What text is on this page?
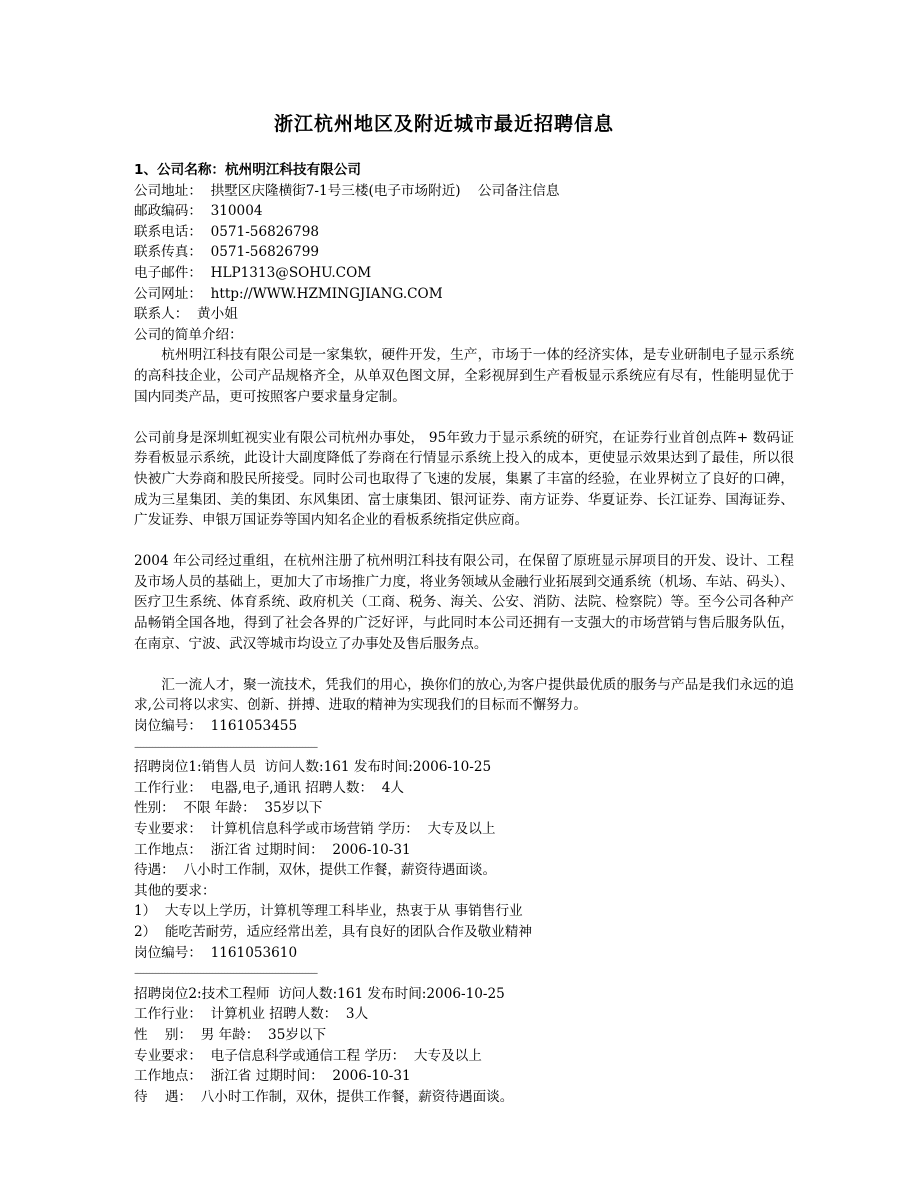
浙江杭州地区及附近城市最近招聘信息
1、公司名称：杭州明江科技有限公司
公司地址：  拱墅区庆隆横街7-1号三楼(电子市场附近)    公司备注信息
邮政编码：  310004
联系电话：  0571-56826798
联系传真：  0571-56826799
电子邮件：  HLP1313@SOHU.COM
公司网址：  http://WWW.HZMINGJIANG.COM
联系人：  黄小姐
公司的简单介绍：
杭州明江科技有限公司是一家集软，硬件开发，生产，市场于一体的经济实体，是专业研制电子显示系统的高科技企业，公司产品规格齐全，从单双色图文屏，全彩视屏到生产看板显示系统应有尽有，性能明显优于国内同类产品，更可按照客户要求量身定制。
公司前身是深圳虹视实业有限公司杭州办事处， 95年致力于显示系统的研究，在证券行业首创点阵+ 数码证券看板显示系统，此设计大副度降低了券商在行情显示系统上投入的成本，更使显示效果达到了最佳，所以很快被广大券商和股民所接受。同时公司也取得了飞速的发展，集累了丰富的经验，在业界树立了良好的口碑，成为三星集团、美的集团、东风集团、富士康集团、银河证券、南方证券、华夏证券、长江证券、国海证券、广发证券、申银万国证券等国内知名企业的看板系统指定供应商。
2004 年公司经过重组，在杭州注册了杭州明江科技有限公司，在保留了原班显示屏项目的开发、设计、工程及市场人员的基础上，更加大了市场推广力度，将业务领域从金融行业拓展到交通系统（机场、车站、码头）、医疗卫生系统、体育系统、政府机关（工商、税务、海关、公安、消防、法院、检察院）等。至今公司各种产品畅销全国各地，得到了社会各界的广泛好评，与此同时本公司还拥有一支强大的市场营销与售后服务队伍，在南京、宁波、武汉等城市均设立了办事处及售后服务点。
汇一流人才，聚一流技术，凭我们的用心，换你们的放心,为客户提供最优质的服务与产品是我们永远的追求,公司将以求实、创新、拼搏、进取的精神为实现我们的目标而不懈努力。
岗位编号：  1161053455
-------------------------------------------------------------
招聘岗位1:销售人员  访问人数:161 发布时间:2006-10-25
工作行业：  电器,电子,通讯 招聘人数：  4人
性别：  不限 年龄：  35岁以下
专业要求：  计算机信息科学或市场营销 学历：  大专及以上
工作地点：  浙江省 过期时间：  2006-10-31
待遇：  八小时工作制，双休，提供工作餐，薪资待遇面谈。
其他的要求：
1）  大专以上学历，计算机等理工科毕业，热衷于从 事销售行业
2）  能吃苦耐劳，适应经常出差，具有良好的团队合作及敬业精神
岗位编号：  1161053610
-------------------------------------------------------------
招聘岗位2:技术工程师  访问人数:161 发布时间:2006-10-25
工作行业：  计算机业 招聘人数：  3人
性    别：  男 年龄：  35岁以下
专业要求：  电子信息科学或通信工程 学历：  大专及以上
工作地点：  浙江省 过期时间：  2006-10-31
待    遇：  八小时工作制，双休，提供工作餐，薪资待遇面谈。
